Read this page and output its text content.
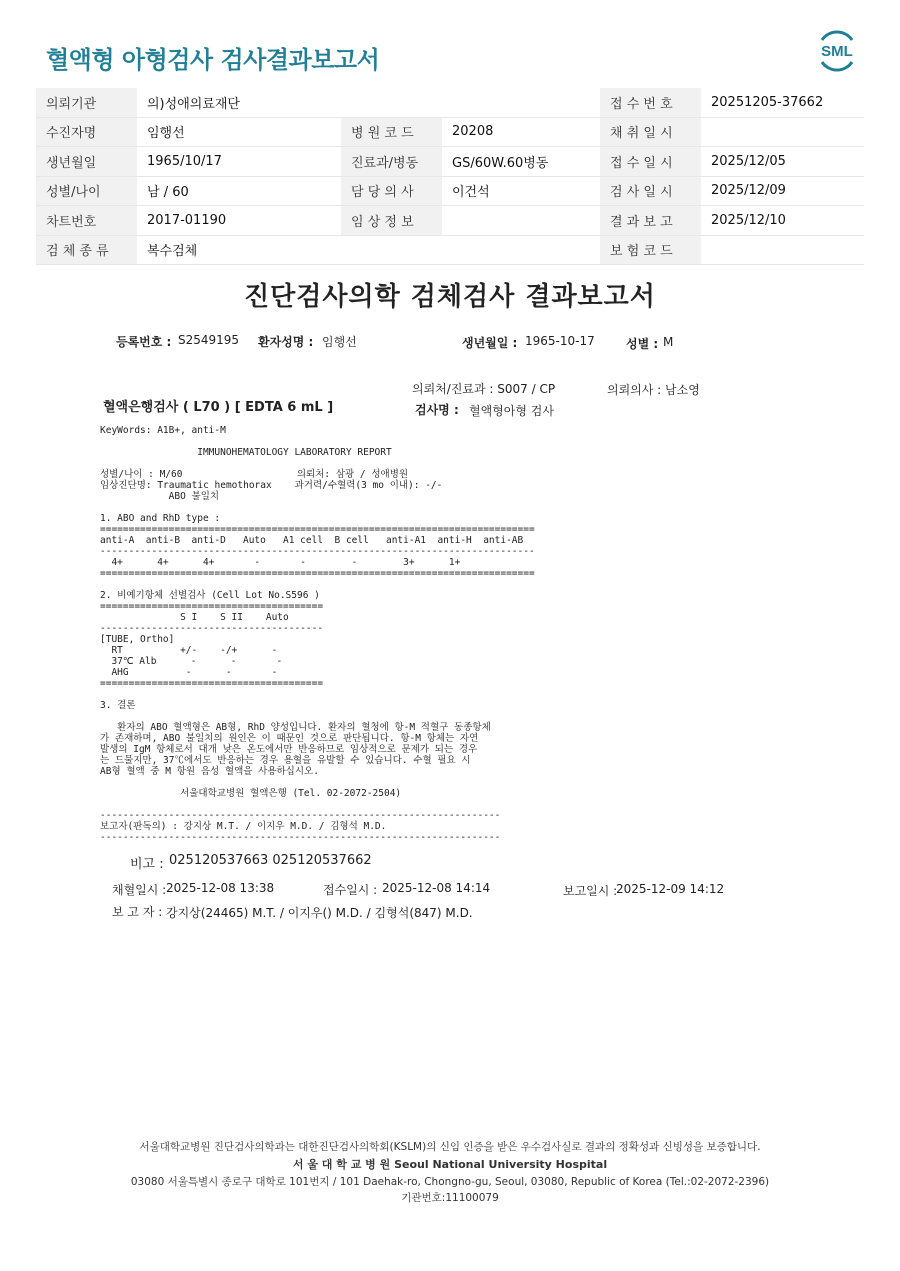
혈액형 아형검사 검사결과보고서	SML
의뢰기관	의)성애의료재단			접 수 번 호	20251205-37662
수진자명	임행선	병 원 코 드	20208	채 취 일 시	
생년월일	1965/10/17	진료과/병동	GS/60W.60병동	접 수 일 시	2025/12/05
성별/나이	남 / 60	담 당 의 사	이건석	검 사 일 시	2025/12/09
차트번호	2017-01190	임 상 정 보		결 과 보 고	2025/12/10
검 체 종 류	복수검체			보 험 코 드	
진단검사의학 검체검사 결과보고서
등록번호 : S2549195 환자성명 : 임행선	생년월일 : 1965-10-17	성별 : M
의뢰처/진료과 : S007 / CP	의뢰의사 : 남소영
혈액은행검사 ( L70 ) [ EDTA 6 mL ]	검사명 : 혈액형아형 검사
KeyWords: A1B+, anti-M

IMMUNOHEMATOLOGY LABORATORY REPORT

성별/나이 : M/60                    의뢰처: 삼광 / 성애병원
임상진단명: Traumatic hemothorax    과거력/수혈력(3 mo 이내): -/-
ABO 불일치

1. ABO and RhD type :
============================================================================
anti-A  anti-B  anti-D   Auto   A1 cell  B cell   anti-A1  anti-H  anti-AB
----------------------------------------------------------------------------
4+      4+      4+       -       -        -        3+      1+
============================================================================

2. 비예기항체 선별검사 (Cell Lot No.S596 )
=======================================
S I    S II    Auto
---------------------------------------
[TUBE, Ortho]
RT          +/-    -/+      -
37℃ Alb      -      -       -
AHG          -      -       -
=======================================

3. 결론

환자의 ABO 혈액형은 AB형, RhD 양성입니다. 환자의 혈청에 항-M 적혈구 동종항체
가 존재하며, ABO 불일치의 원인은 이 때문인 것으로 판단됩니다. 항-M 항체는 자연
발생의 IgM 항체로서 대개 낮은 온도에서만 반응하므로 임상적으로 문제가 되는 경우
는 드물지만, 37℃에서도 반응하는 경우 용혈을 유발할 수 있습니다. 수혈 필요 시
AB형 혈액 중 M 항원 음성 혈액을 사용하십시오.

서울대학교병원 혈액은행 (Tel. 02-2072-2504)

----------------------------------------------------------------------
보고자(판독의) : 강지상 M.T. / 이지우 M.D. / 김형석 M.D.
----------------------------------------------------------------------
비고 : 025120537663 025120537662
채혈일시 : 2025-12-08 13:38	접수일시 : 2025-12-08 14:14	보고일시 :
2025-12-09 14:12
보 고 자 : 강지상(24465) M.T. / 이지우() M.D. / 김형석(847) M.D.
서울대학교병원 진단검사의학과는 대한진단검사의학회(KSLM)의 신임 인증을 받은 우수검사실로 결과의 정확성과 신빙성을 보증합니다.
서 울 대 학 교 병 원 Seoul National University Hospital
03080 서울특별시 종로구 대학로 101번지 / 101 Daehak-ro, Chongno-gu, Seoul, 03080, Republic of Korea (Tel.:02-2072-2396)
기관번호:11100079
